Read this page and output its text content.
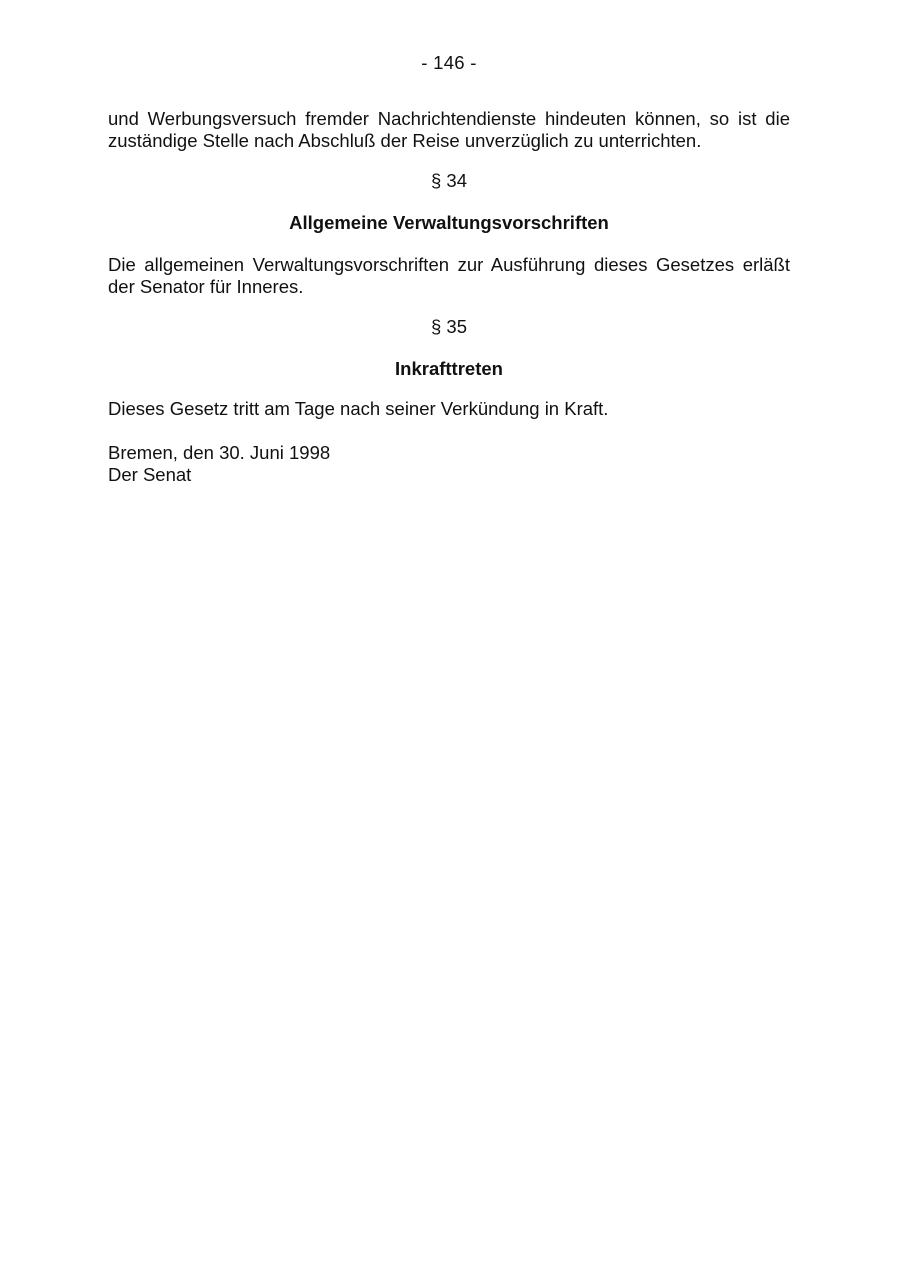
- 146 -

und Werbungsversuch fremder Nachrichtendienste hindeuten können, so ist die zuständige Stelle nach Abschluß der Reise unverzüglich zu unterrichten.

§ 34
Allgemeine Verwaltungsvorschriften

Die allgemeinen Verwaltungsvorschriften zur Ausführung dieses Gesetzes erläßt der Senator für Inneres.

§ 35
Inkrafttreten

Dieses Gesetz tritt am Tage nach seiner Verkündung in Kraft.

Bremen, den 30. Juni 1998
Der Senat
